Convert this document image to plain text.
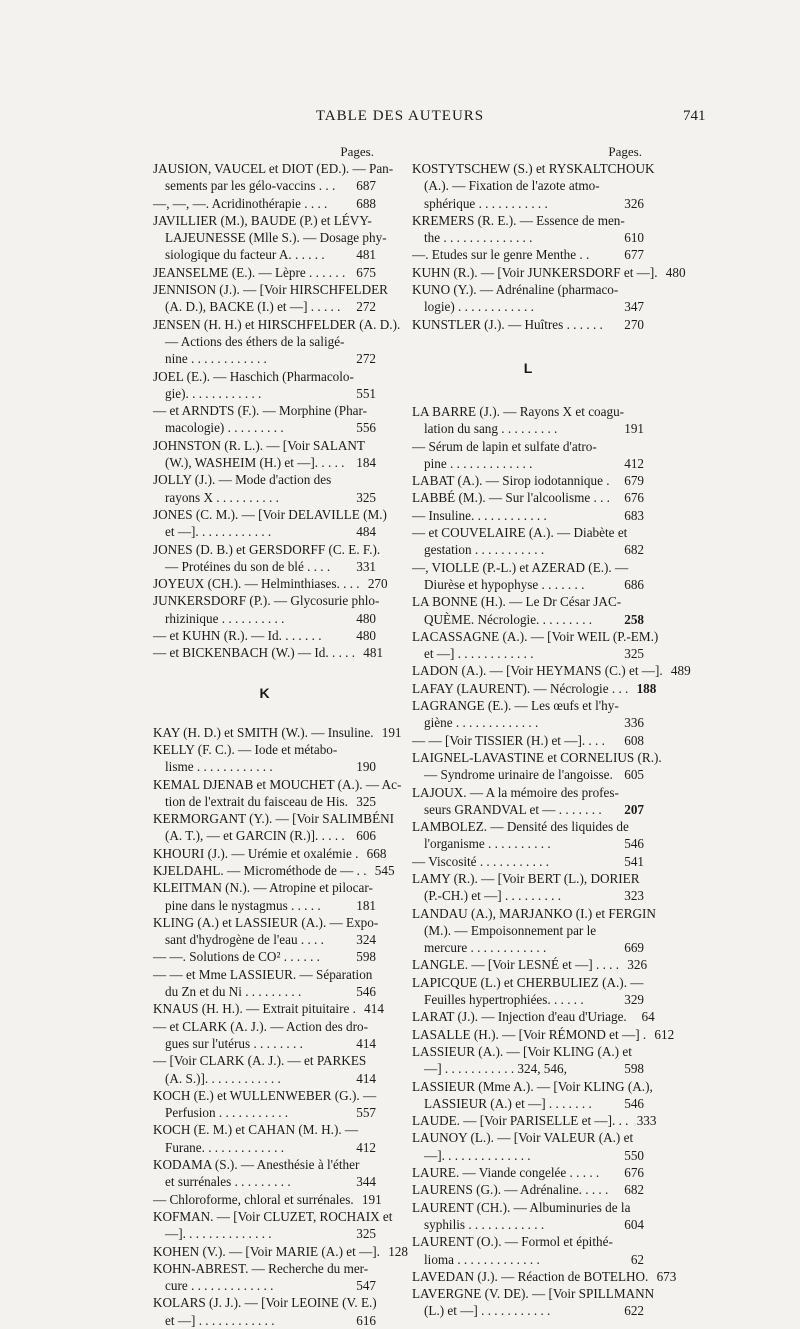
TABLE DES AUTEURS	741
Pages.
JAUSION, VAUCEL et DIOT (ED.). — Pan-
sements par les gélo-vaccins . . .	687
—, —, —. Acridinothérapie . . . .	688
JAVILLIER (M.), BAUDE (P.) et LÉVY-
LAJEUNESSE (Mlle S.). — Dosage phy-
siologique du facteur A. . . . . .	481
JEANSELME (E.). — Lèpre . . . . . . 675
JENNISON (J.). — [Voir HIRSCHFELDER
(A. D.), BACKE (I.) et —] . . . . .	272
JENSEN (H. H.) et HIRSCHFELDER (A. D.).
— Actions des éthers de la saligé-
nine . . . . . . . . . . . .	272
JOEL (E.). — Haschich (Pharmacolo-
gie). . . . . . . . . . . .	551
— et ARNDTS (F.). — Morphine (Phar-
macologie) . . . . . . . . .	556
JOHNSTON (R. L.). — [Voir SALANT
(W.), WASHEIM (H.) et —]. . . . . 184
JOLLY (J.). — Mode d'action des
rayons X . . . . . . . . . .	325
JONES (C. M.). — [Voir DELAVILLE (M.)
et —]. . . . . . . . . . . .	484
JONES (D. B.) et GERSDORFF (C. E. F.).
— Protéines du son de blé . . . .	331
JOYEUX (CH.). — Helminthiases. . . . 270
JUNKERSDORF (P.). — Glycosurie phlo-
rhizinique . . . . . . . . . .	480
— et KUHN (R.). — Id. . . . . . .	480
— et BICKENBACH (W.) — Id. . . . . 481
K
KAY (H. D.) et SMITH (W.). — Insuline. 191
KELLY (F. C.). — Iode et métabo-
lisme . . . . . . . . . . . .	190
KEMAL DJENAB et MOUCHET (A.). — Ac-
tion de l'extrait du faisceau de His. 325
KERMORGANT (Y.). — [Voir SALIMBÉNI
(A. T.), — et GARCIN (R.)]. . . . . 606
KHOURI (J.). — Urémie et oxalémie . 668
KJELDAHL. — Microméthode de — . . 545
KLEITMAN (N.). — Atropine et pilocar-
pine dans le nystagmus . . . . .	181
KLING (A.) et LASSIEUR (A.). — Expo-
sant d'hydrogène de l'eau . . . .	324
— —. Solutions de CO² . . . . . .	598
— — et Mme LASSIEUR. — Séparation
du Zn et du Ni . . . . . . . . .	546
KNAUS (H. H.). — Extrait pituitaire . 414
— et CLARK (A. J.). — Action des dro-
gues sur l'utérus . . . . . . . .	414
— [Voir CLARK (A. J.). — et PARKES
(A. S.)]. . . . . . . . . . . .	414
KOCH (E.) et WULLENWEBER (G.). —
Perfusion . . . . . . . . . . .	557
KOCH (E. M.) et CAHAN (M. H.). —
Furane. . . . . . . . . . . . .	412
KODAMA (S.). — Anesthésie à l'éther
et surrénales . . . . . . . . .	344
— Chloroforme, chloral et surrénales. 191
KOFMAN. — [Voir CLUZET, ROCHAIX et
—]. . . . . . . . . . . . . .	325
KOHEN (V.). — [Voir MARIE (A.) et —]. 128
KOHN-ABREST. — Recherche du mer-
cure . . . . . . . . . . . . .	547
KOLARS (J. J.). — [Voir LEOINE (V. E.)
et —] . . . . . . . . . . . .	616
Pages.
KOSTYTSCHEW (S.) et RYSKALTCHOUK
(A.). — Fixation de l'azote atmo-
sphérique . . . . . . . . . . .	326
KREMERS (R. E.). — Essence de men-
the . . . . . . . . . . . . . .	610
—. Etudes sur le genre Menthe . .	677
KUHN (R.). — [Voir JUNKERSDORF et —]. 480
KUNO (Y.). — Adrénaline (pharmaco-
logie) . . . . . . . . . . . .	347
KUNSTLER (J.). — Huîtres . . . . . .	270
L
LA BARRE (J.). — Rayons X et coagu-
lation du sang . . . . . . . . .	191
— Sérum de lapin et sulfate d'atro-
pine . . . . . . . . . . . . .	412
LABAT (A.). — Sirop iodotannique .	679
LABBÉ (M.). — Sur l'alcoolisme . . .	676
— Insuline. . . . . . . . . . . .	683
— et COUVELAIRE (A.). — Diabète et
gestation . . . . . . . . . . .	682
—, VIOLLE (P.-L.) et AZERAD (E.). —
Diurèse et hypophyse . . . . . . .	686
LA BONNE (H.). — Le Dr César JAC-
QUÈME. Nécrologie. . . . . . . . .	258
LACASSAGNE (A.). — [Voir WEIL (P.-EM.)
et —] . . . . . . . . . . . .	325
LADON (A.). — [Voir HEYMANS (C.) et —]. 489
LAFAY (LAURENT). — Nécrologie . . . 188
LAGRANGE (E.). — Les œufs et l'hy-
giène . . . . . . . . . . . . .	336
— — [Voir TISSIER (H.) et —]. . . .	608
LAIGNEL-LAVASTINE et CORNELIUS (R.).
— Syndrome urinaire de l'angoisse. 605
LAJOUX. — A la mémoire des profes-
seurs GRANDVAL et — . . . . . . .	207
LAMBOLEZ. — Densité des liquides de
l'organisme . . . . . . . . . .	546
— Viscosité . . . . . . . . . . .	541
LAMY (R.). — [Voir BERT (L.), DORIER
(P.-CH.) et —] . . . . . . . . .	323
LANDAU (A.), MARJANKO (I.) et FERGIN
(M.). — Empoisonnement par le
mercure . . . . . . . . . . . .	669
LANGLE. — [Voir LESNÉ et —] . . . . 326
LAPICQUE (L.) et CHERBULIEZ (A.). —
Feuilles hypertrophiées. . . . . .	329
LARAT (J.). — Injection d'eau d'Uriage.	64
LASALLE (H.). — [Voir RÉMOND et —] . 612
LASSIEUR (A.). — [Voir KLING (A.) et
—] . . . . . . . . . . . 324, 546,	598
LASSIEUR (Mme A.). — [Voir KLING (A.),
LASSIEUR (A.) et —] . . . . . . .	546
LAUDE. — [Voir PARISELLE et —]. . . 333
LAUNOY (L.). — [Voir VALEUR (A.) et
—]. . . . . . . . . . . . . .	550
LAURE. — Viande congelée . . . . .	676
LAURENS (G.). — Adrénaline. . . . .	682
LAURENT (CH.). — Albuminuries de la
syphilis . . . . . . . . . . . .	604
LAURENT (O.). — Formol et épithé-
lioma . . . . . . . . . . . . .	62
LAVEDAN (J.). — Réaction de BOTELHO. 673
LAVERGNE (V. DE). — [Voir SPILLMANN
(L.) et —] . . . . . . . . . . .	622
